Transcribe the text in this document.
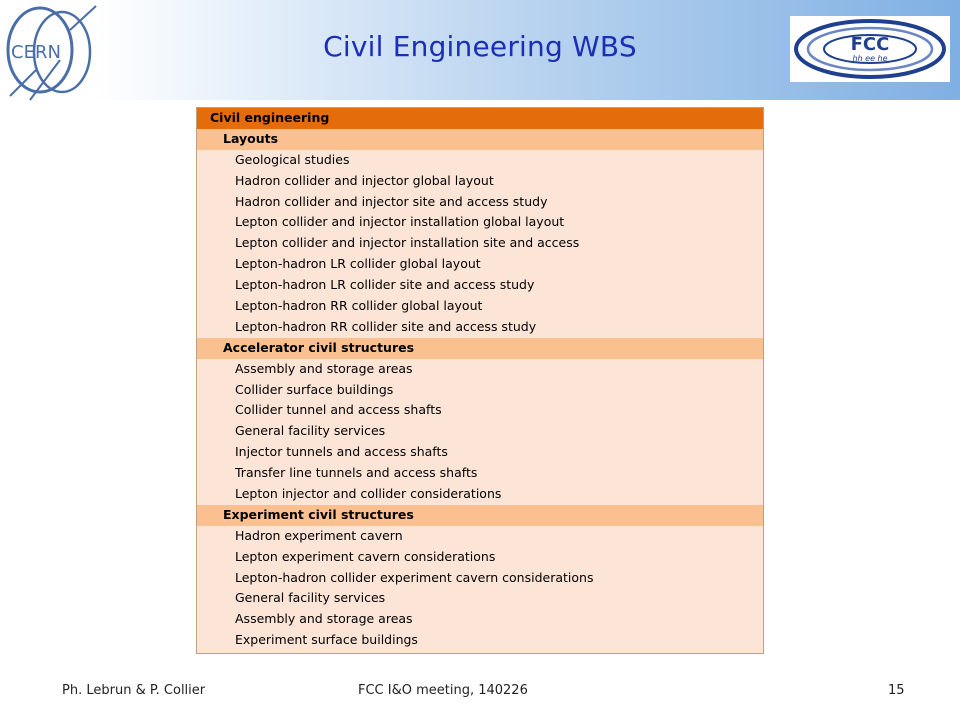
CERN	Civil Engineering WBS	FCC
hh ee he
Civil engineering
Layouts
Geological studies
Hadron collider and injector global layout
Hadron collider and injector site and access study
Lepton collider and injector installation global layout
Lepton collider and injector installation site and access
Lepton-hadron LR collider global layout
Lepton-hadron LR collider site and access study
Lepton-hadron RR collider global layout
Lepton-hadron RR collider site and access study
Accelerator civil structures
Assembly and storage areas
Collider surface buildings
Collider tunnel and access shafts
General facility services
Injector tunnels and access shafts
Transfer line tunnels and access shafts
Lepton injector and collider considerations
Experiment civil structures
Hadron experiment cavern
Lepton experiment cavern considerations
Lepton-hadron collider experiment cavern considerations
General facility services
Assembly and storage areas
Experiment surface buildings
Ph. Lebrun & P. Collier	FCC I&O meeting, 140226	15
